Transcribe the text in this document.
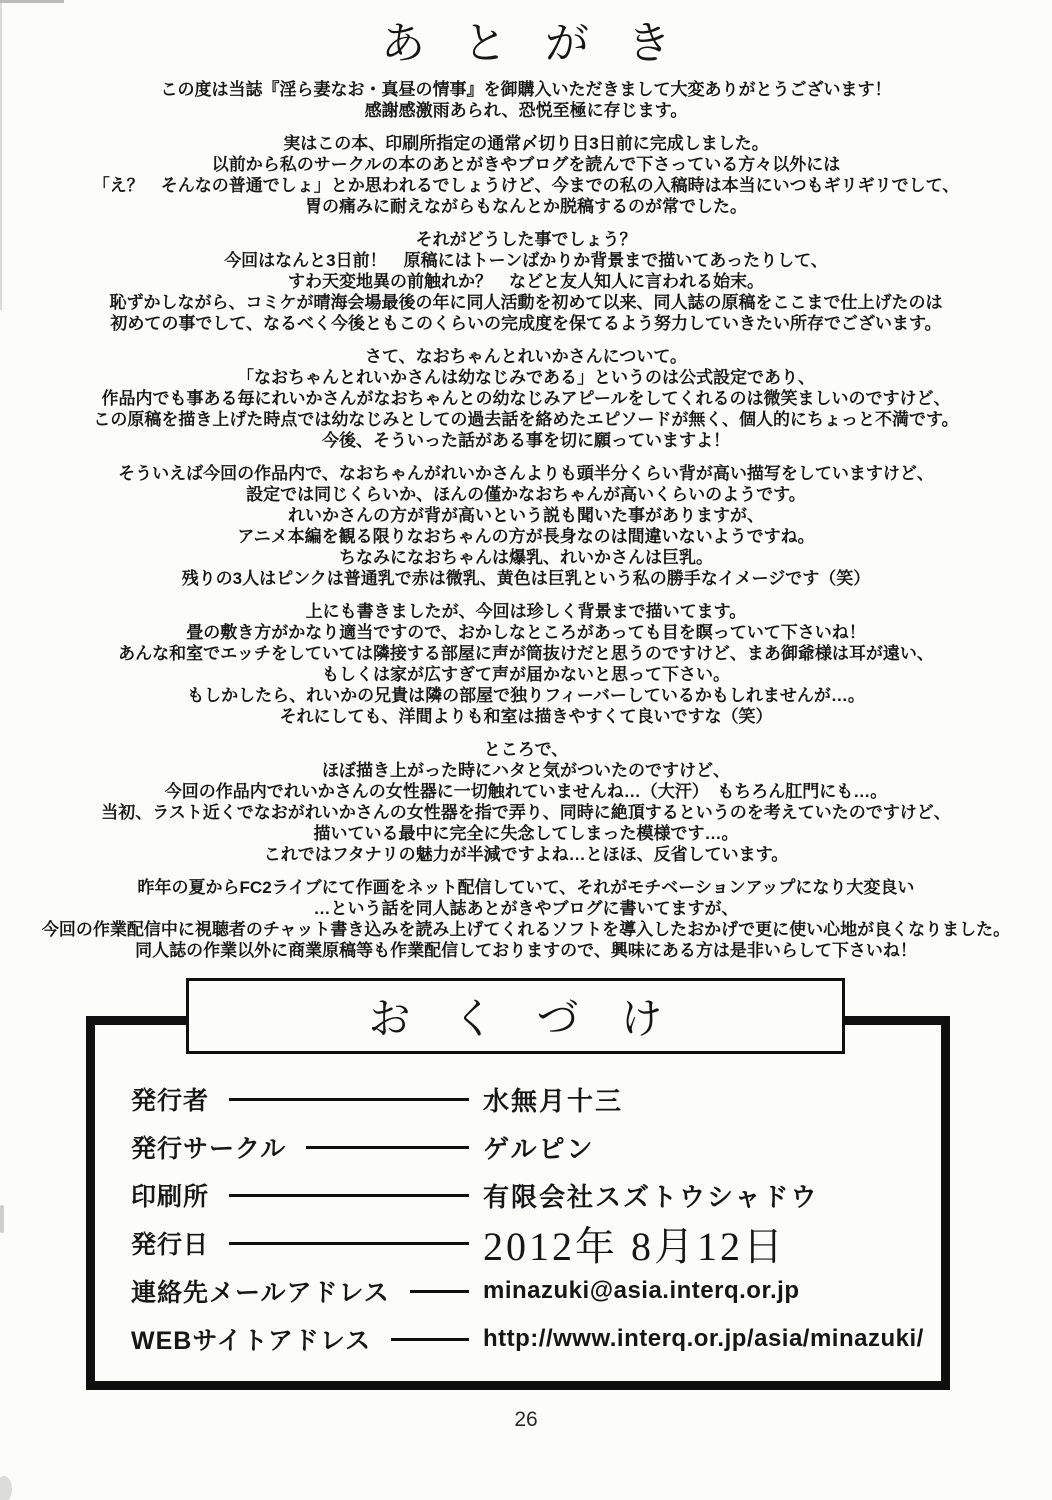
あとがき
この度は当誌『淫ら妻なお・真昼の情事』を御購入いただきまして大変ありがとうございます！
感謝感激雨あられ、恐悦至極に存じます。
実はこの本、印刷所指定の通常〆切り日3日前に完成しました。
以前から私のサークルの本のあとがきやブログを読んで下さっている方々以外には
「え？　そんなの普通でしょ」とか思われるでしょうけど、今までの私の入稿時は本当にいつもギリギリでして、
胃の痛みに耐えながらもなんとか脱稿するのが常でした。
それがどうした事でしょう？
今回はなんと3日前！　原稿にはトーンばかりか背景まで描いてあったりして、
すわ天変地異の前触れか？　などと友人知人に言われる始末。
恥ずかしながら、コミケが晴海会場最後の年に同人活動を初めて以来、同人誌の原稿をここまで仕上げたのは
初めての事でして、なるべく今後ともこのくらいの完成度を保てるよう努力していきたい所存でございます。
さて、なおちゃんとれいかさんについて。
「なおちゃんとれいかさんは幼なじみである」というのは公式設定であり、
作品内でも事ある毎にれいかさんがなおちゃんとの幼なじみアピールをしてくれるのは微笑ましいのですけど、
この原稿を描き上げた時点では幼なじみとしての過去話を絡めたエピソードが無く、個人的にちょっと不満です。
今後、そういった話がある事を切に願っていますよ！
そういえば今回の作品内で、なおちゃんがれいかさんよりも頭半分くらい背が高い描写をしていますけど、
設定では同じくらいか、ほんの僅かなおちゃんが高いくらいのようです。
れいかさんの方が背が高いという説も聞いた事がありますが、
アニメ本編を観る限りなおちゃんの方が長身なのは間違いないようですね。
ちなみになおちゃんは爆乳、れいかさんは巨乳。
残りの3人はピンクは普通乳で赤は微乳、黄色は巨乳という私の勝手なイメージです（笑）
上にも書きましたが、今回は珍しく背景まで描いてます。
畳の敷き方がかなり適当ですので、おかしなところがあっても目を瞑っていて下さいね！
あんな和室でエッチをしていては隣接する部屋に声が筒抜けだと思うのですけど、まあ御爺様は耳が遠い、
もしくは家が広すぎて声が届かないと思って下さい。
もしかしたら、れいかの兄貴は隣の部屋で独りフィーバーしているかもしれませんが…。
それにしても、洋間よりも和室は描きやすくて良いですな（笑）
ところで、
ほぼ描き上がった時にハタと気がついたのですけど、
今回の作品内でれいかさんの女性器に一切触れていませんね…（大汗）　もちろん肛門にも…。
当初、ラスト近くでなおがれいかさんの女性器を指で弄り、同時に絶頂するというのを考えていたのですけど、
描いている最中に完全に失念してしまった模様です…。
これではフタナリの魅力が半減ですよね…とほほ、反省しています。
昨年の夏からFC2ライブにて作画をネット配信していて、それがモチベーションアップになり大変良い
…という話を同人誌あとがきやブログに書いてますが、
今回の作業配信中に視聴者のチャット書き込みを読み上げてくれるソフトを導入したおかげで更に使い心地が良くなりました。
同人誌の作業以外に商業原稿等も作業配信しておりますので、興味にある方は是非いらして下さいね！
おくづけ
発行者	水無月十三
発行サークル	ゲルピン
印刷所	有限会社スズトウシャドウ
発行日	2012年 8月12日
連絡先メールアドレス	minazuki@asia.interq.or.jp
WEBサイトアドレス	http://www.interq.or.jp/asia/minazuki/
26
